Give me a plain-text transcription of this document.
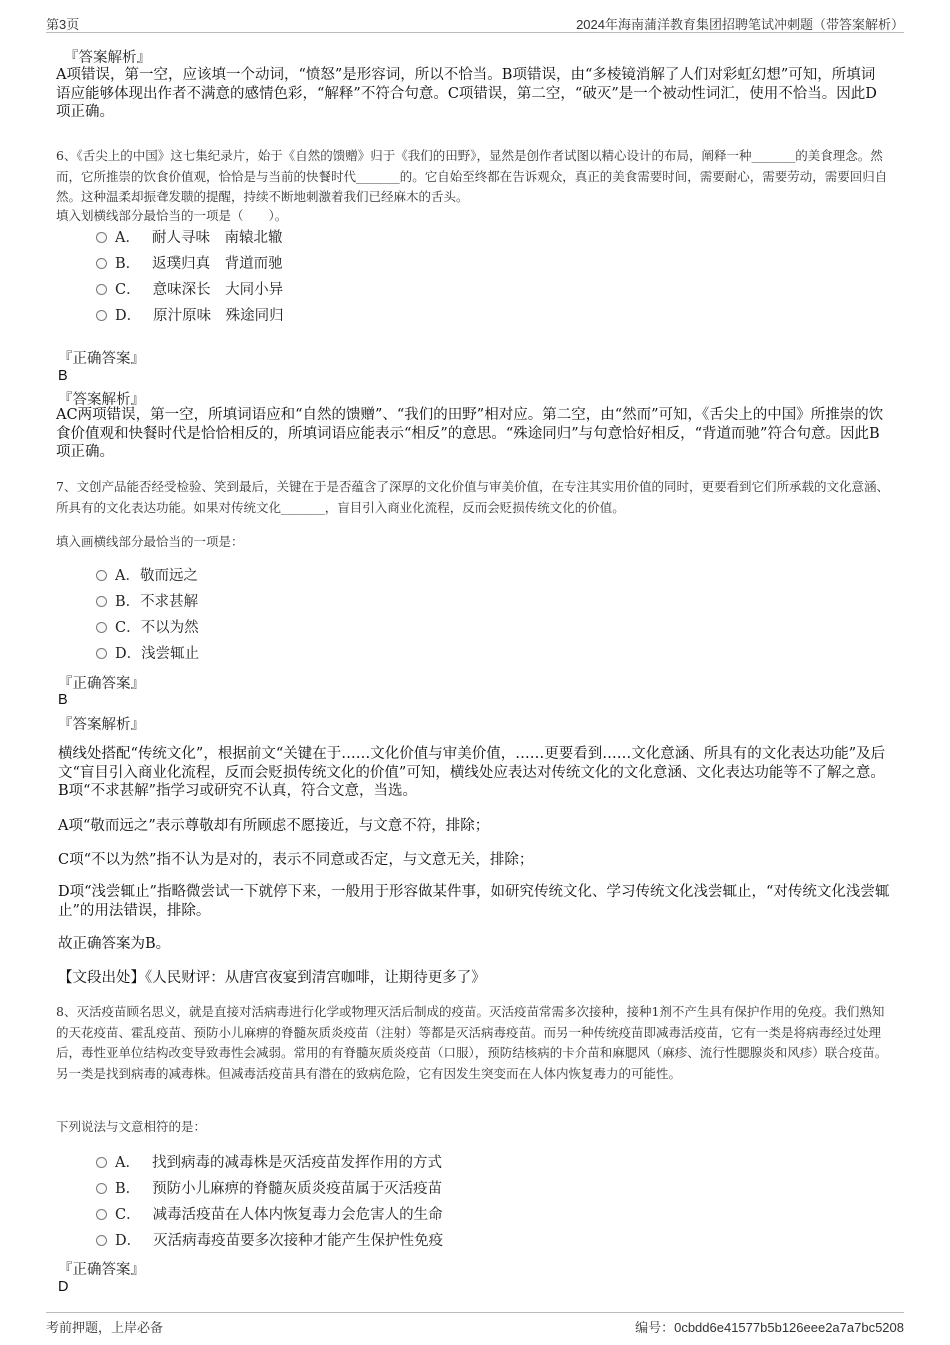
第3页	2024年海南蒲洋教育集团招聘笔试冲刺题（带答案解析）
『答案解析』
A项错误，第一空，应该填一个动词，“愤怒”是形容词，所以不恰当。B项错误，由“多棱镜消解了人们对彩虹幻想”可知，所填词语应能够体现出作者不满意的感情色彩，“解释”不符合句意。C项错误，第二空，“破灭”是一个被动性词汇，使用不恰当。因此D项正确。
6、《舌尖上的中国》这七集纪录片，始于《自然的馈赠》归于《我们的田野》，显然是创作者试图以精心设计的布局，阐释一种_______的美食理念。然而，它所推崇的饮食价值观，恰恰是与当前的快餐时代_______的。它自始至终都在告诉观众，真正的美食需要时间，需要耐心，需要劳动，需要回归自然。这种温柔却振聋发聩的提醒，持续不断地刺激着我们已经麻木的舌头。
填入划横线部分最恰当的一项是（　　）。
A． 耐人寻味　南辕北辙
B． 返璞归真　背道而驰
C． 意味深长　大同小异
D． 原汁原味　殊途同归
『正确答案』
B
『答案解析』
AC两项错误，第一空，所填词语应和“自然的馈赠”、“我们的田野”相对应。第二空，由“然而”可知，《舌尖上的中国》所推崇的饮食价值观和快餐时代是恰恰相反的，所填词语应能表示“相反”的意思。“殊途同归”与句意恰好相反，“背道而驰”符合句意。因此B项正确。
7、文创产品能否经受检验、笑到最后，关键在于是否蕴含了深厚的文化价值与审美价值，在专注其实用价值的同时，更要看到它们所承载的文化意涵、所具有的文化表达功能。如果对传统文化_______，盲目引入商业化流程，反而会贬损传统文化的价值。
填入画横线部分最恰当的一项是：
A．敬而远之
B．不求甚解
C．不以为然
D．浅尝辄止
『正确答案』
B
『答案解析』
横线处搭配“传统文化”，根据前文“关键在于……文化价值与审美价值，……更要看到……文化意涵、所具有的文化表达功能”及后文“盲目引入商业化流程，反而会贬损传统文化的价值”可知，横线处应表达对传统文化的文化意涵、文化表达功能等不了解之意。B项“不求甚解”指学习或研究不认真，符合文意，当选。
A项“敬而远之”表示尊敬却有所顾虑不愿接近，与文意不符，排除；
C项“不以为然”指不认为是对的，表示不同意或否定，与文意无关，排除；
D项“浅尝辄止”指略微尝试一下就停下来，一般用于形容做某件事，如研究传统文化、学习传统文化浅尝辄止，“对传统文化浅尝辄止”的用法错误，排除。
故正确答案为B。
【文段出处】《人民财评：从唐宫夜宴到清宫咖啡，让期待更多了》
8、灭活疫苗顾名思义，就是直接对活病毒进行化学或物理灭活后制成的疫苗。灭活疫苗常需多次接种，接种1剂不产生具有保护作用的免疫。我们熟知的天花疫苗、霍乱疫苗、预防小儿麻痹的脊髓灰质炎疫苗（注射）等都是灭活病毒疫苗。而另一种传统疫苗即减毒活疫苗，它有一类是将病毒经过处理后，毒性亚单位结构改变导致毒性会减弱。常用的有脊髓灰质炎疫苗（口服），预防结核病的卡介苗和麻腮风（麻疹、流行性腮腺炎和风疹）联合疫苗。另一类是找到病毒的减毒株。但减毒活疫苗具有潜在的致病危险，它有因发生突变而在人体内恢复毒力的可能性。
下列说法与文意相符的是：
A． 找到病毒的减毒株是灭活疫苗发挥作用的方式
B． 预防小儿麻痹的脊髓灰质炎疫苗属于灭活疫苗
C． 减毒活疫苗在人体内恢复毒力会危害人的生命
D． 灭活病毒疫苗要多次接种才能产生保护性免疫
『正确答案』
D
考前押题，上岸必备	编号：0cbdd6e41577b5b126eee2a7a7bc5208
